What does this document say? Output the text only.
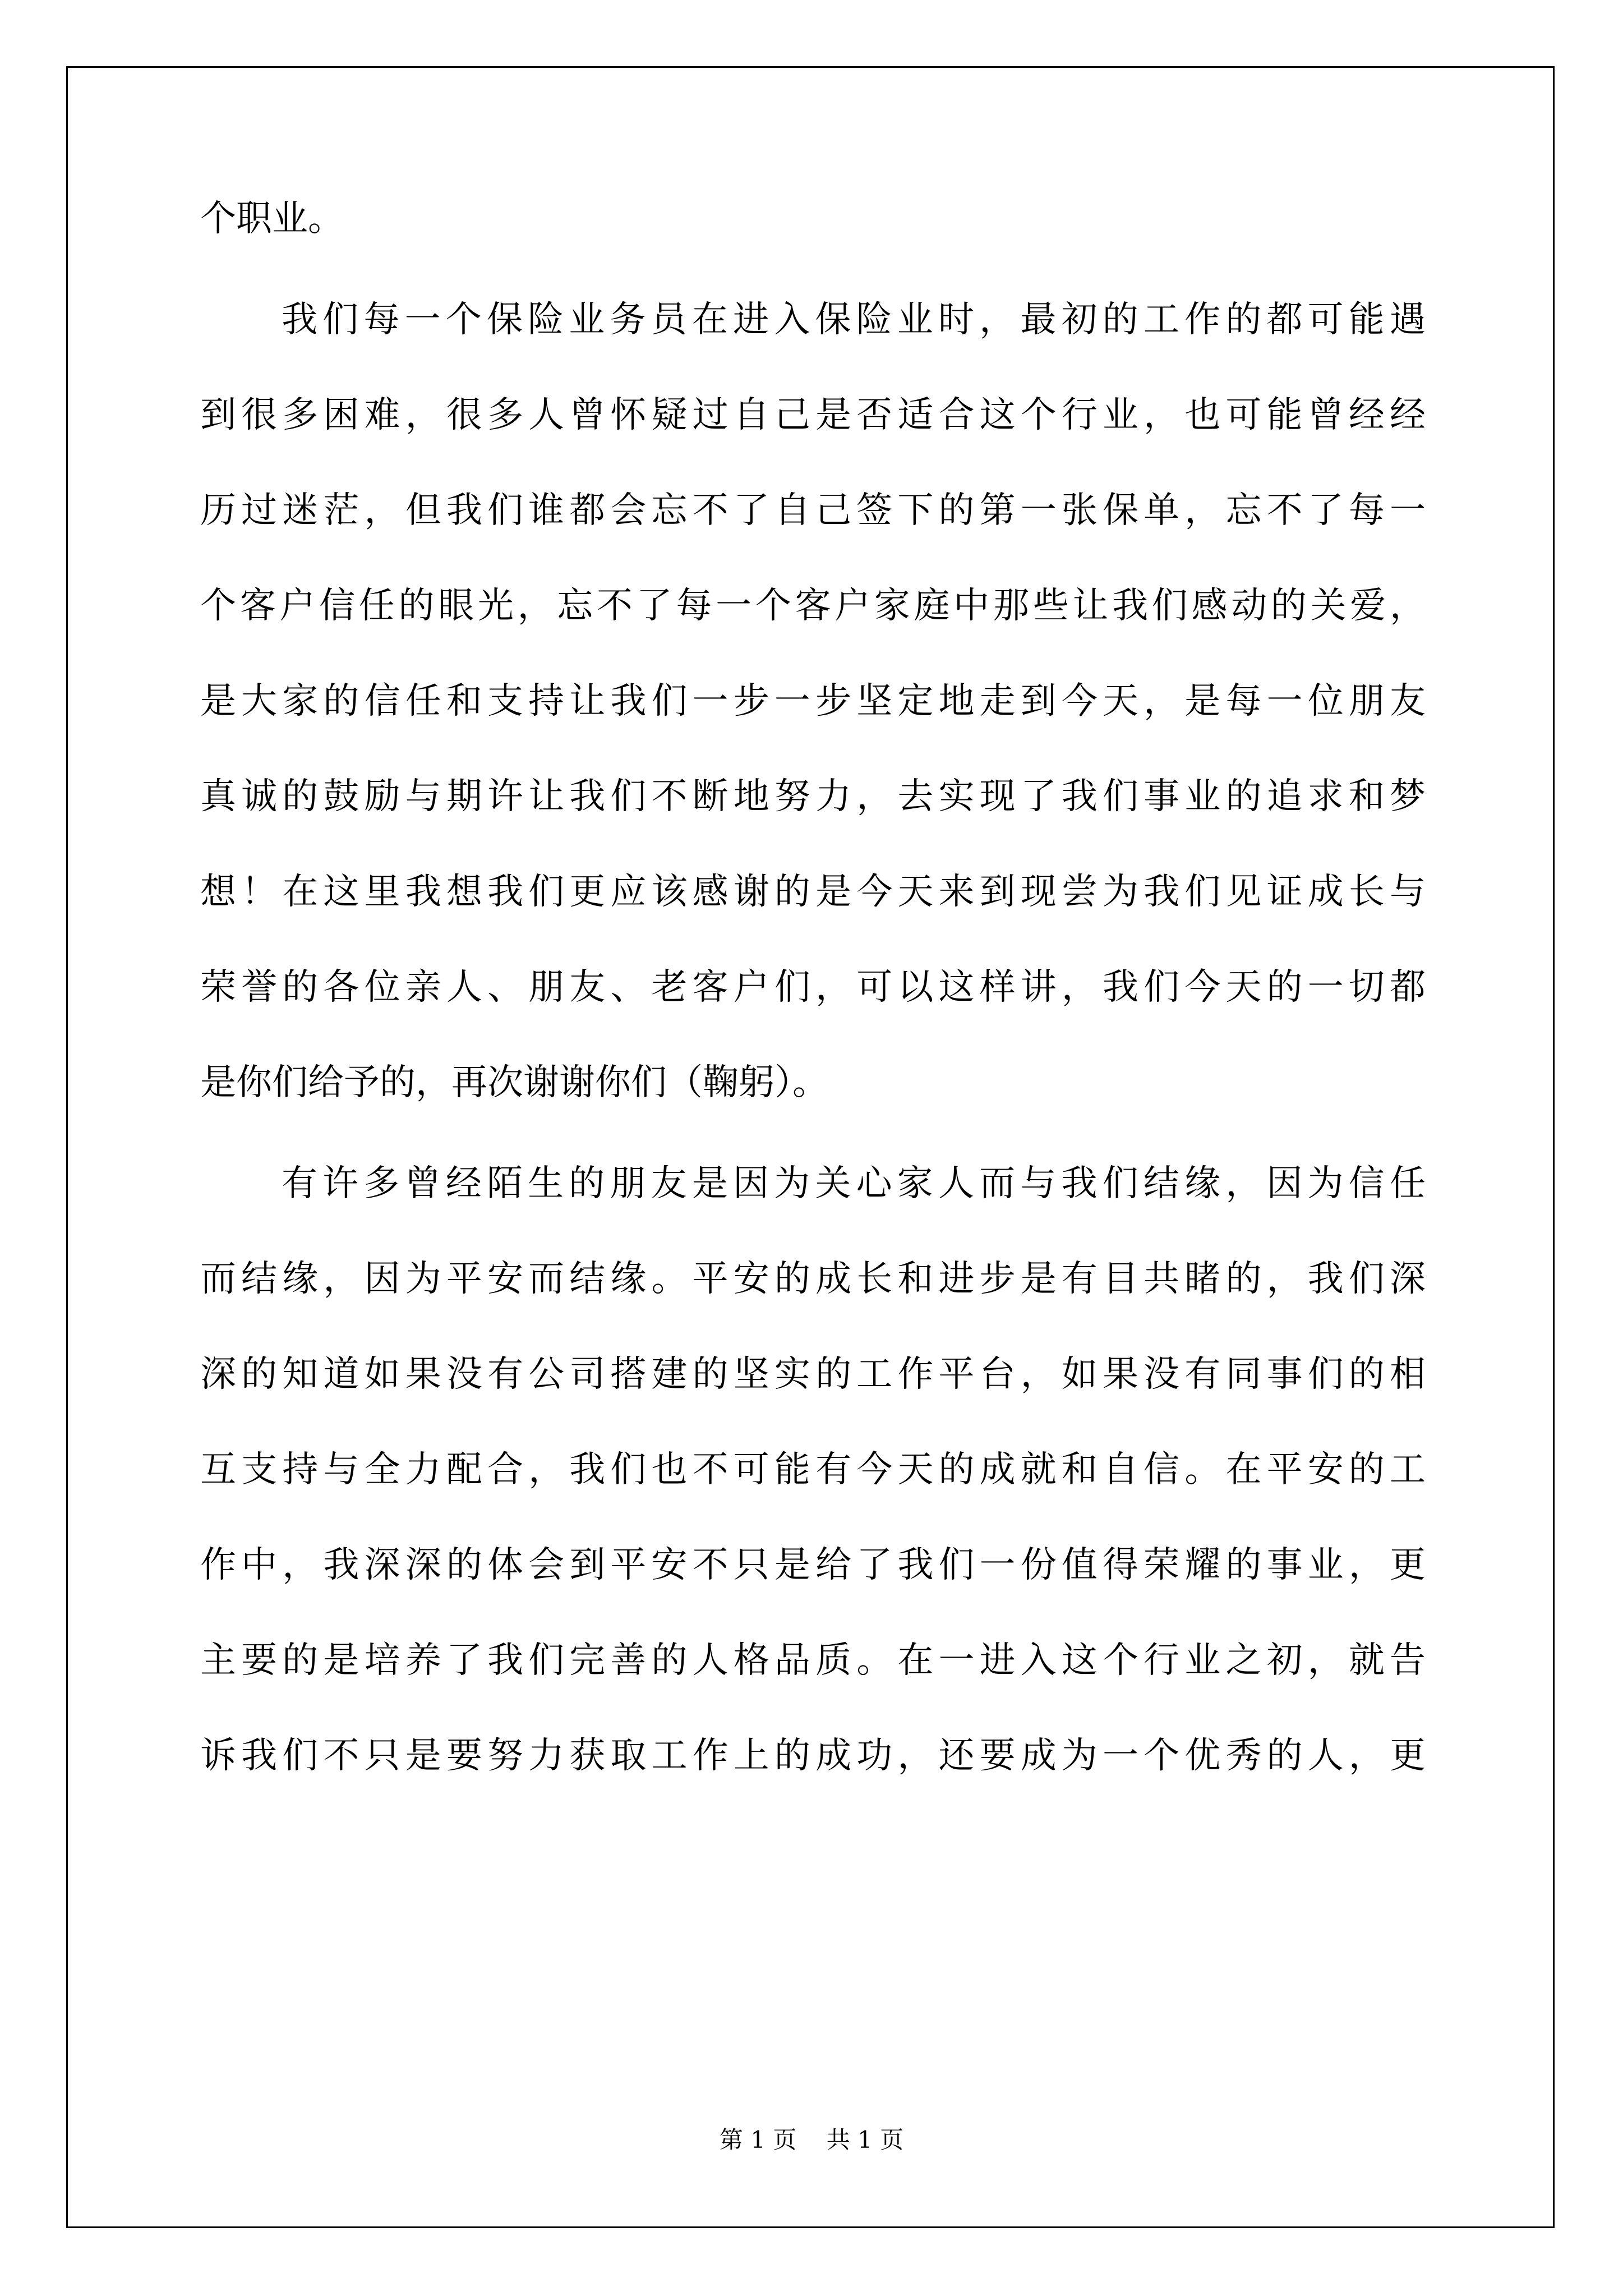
个职业。
我们每一个保险业务员在进入保险业时，最初的工作的都可能遇
到很多困难，很多人曾怀疑过自己是否适合这个行业，也可能曾经经
历过迷茫，但我们谁都会忘不了自己签下的第一张保单，忘不了每一
个客户信任的眼光，忘不了每一个客户家庭中那些让我们感动的关爱，
是大家的信任和支持让我们一步一步坚定地走到今天，是每一位朋友
真诚的鼓励与期许让我们不断地努力，去实现了我们事业的追求和梦
想！在这里我想我们更应该感谢的是今天来到现尝为我们见证成长与
荣誉的各位亲人、朋友、老客户们，可以这样讲，我们今天的一切都
是你们给予的，再次谢谢你们（鞠躬）。
有许多曾经陌生的朋友是因为关心家人而与我们结缘，因为信任
而结缘，因为平安而结缘。平安的成长和进步是有目共睹的，我们深
深的知道如果没有公司搭建的坚实的工作平台，如果没有同事们的相
互支持与全力配合，我们也不可能有今天的成就和自信。在平安的工
作中，我深深的体会到平安不只是给了我们一份值得荣耀的事业，更
主要的是培养了我们完善的人格品质。在一进入这个行业之初，就告
诉我们不只是要努力获取工作上的成功，还要成为一个优秀的人，更
第 1 页    共 1 页
